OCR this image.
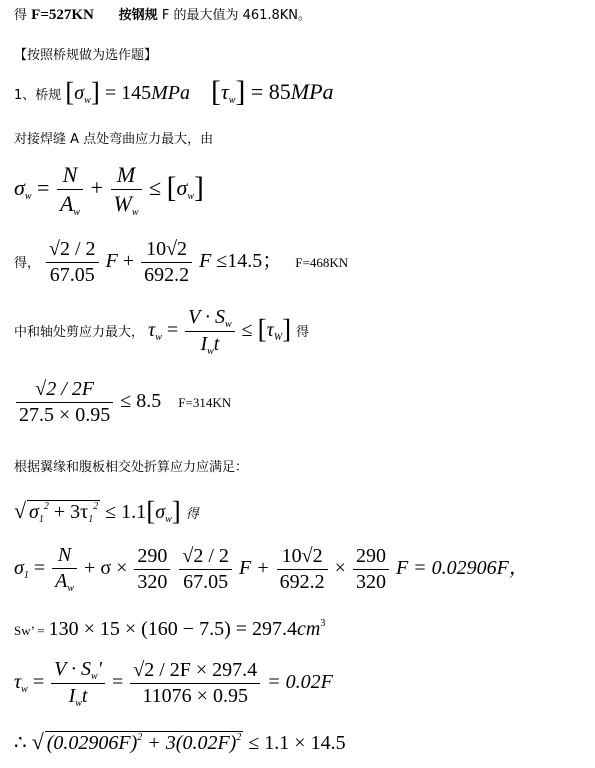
得 F=527KN 按钢规 F 的最大值为 461.8KN。
【按照桥规做为选作题】
1、桥规 $[\sigma_w] = 145MPa$ $[\tau_w] = 85MPa$
对接焊缝 A 点处弯曲应力最大，由
$\sigma_w = \frac{N}{A_w} + \frac{M}{W_w} \le [\sigma_w]$
得， $\frac{√2 / 2}{67.05}$ $F + \frac{10√2}{692.2}$ F ≤14.5； F=468KN
中和轴处剪应力最大， $\tau_w = \frac{V \cdot S_w}{I_wt} \le [\tau_W]$ 得
$\frac{√2 / 2F}{27.5 \times 0.95} \le 8.5$ F=314KN
根据翼缘和腹板相交处折算应力应满足：
√ $\sigma_1^2 + 3\tau_1^2 \le 1.1[\sigma_w]$ 得
$\sigma_1 = \frac{N}{A_w} + \sigma \times \frac{290}{320}$
$\frac{√2 / 2}{67.05}$ $F + \frac{10√2}{692.2} \times \frac{290}{320}$ F = 0.02906F，
Sw’ = $130 \times 15 \times (160 - 7.5) = 297.4cm^3$
$\tau_w = \frac{V \cdot S_w'}{I_wt} = \frac{√2 / 2F \times 297.4}{11076 \times 0.95} = 0.02F$
∴ √ $(0.02906F)^2 + 3(0.02F)^2 \le 1.1 \times 14.5$
